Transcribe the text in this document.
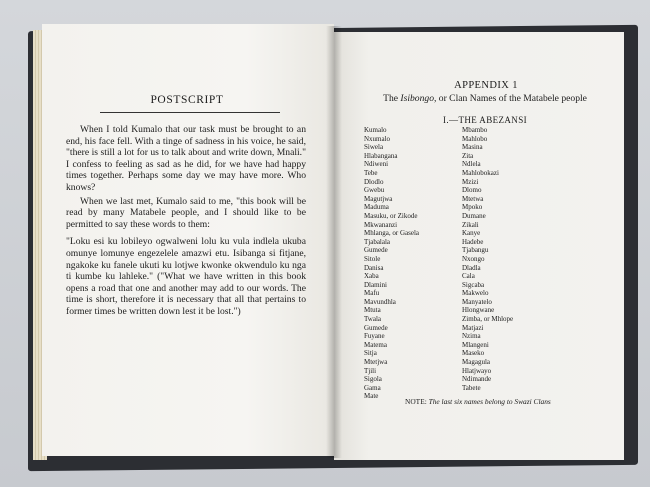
POSTSCRIPT

When I told Kumalo that our task must be brought to an end, his face fell. With a tinge of sadness in his voice, he said, "there is still a lot for us to talk about and write down, Mnali." I confess to feeling as sad as he did, for we have had happy times together. Perhaps some day we may have more. Who knows?

When we last met, Kumalo said to me, "this book will be read by many Matabele people, and I should like to be permitted to say these words to them:

"Loku esi ku lobileyo ogwalweni lolu ku vula indlela ukuba omunye lomunye engezelele amazwi etu. Isibanga si fitjane, ngakoke ku fanele ukuti ku lotjwe kwonke okwendulo ku nga ti kumbe ku lahleke." ("What we have written in this book opens a road that one and another may add to our words. The time is short, therefore it is necessary that all that pertains to former times be written down lest it be lost.")

APPENDIX 1
The Isibongo, or Clan Names of the Matabele people
I.—THE ABEZANSI
Kumalo
Nxumalo
Siwela
Hlabangana
Ndiweni
Tebe
Dlodlo
Gwebu
Magutjwa
Maduma
Masuku, or Zikode
Mkwananzi
Mhlanga, or Gasela
Tjabalala
Gumede
Sitole
Danisa
Xaba
Dlamini
Mafu
Mavundhla
Mtuta
Twala
Gumede
Fuyane
Matema
Sitja
Mtetjwa
Tjili
Sigola
Gama
Mate
Mbambo
Mahlobo
Masina
Zita
Ndlela
Mahlobokazi
Mzizi
Dlomo
Mtetwa
Mpoko
Dumane
Zikali
Kanye
Hadebe
Tjabangu
Nxongo
Dladla
Cala
Sigcaba
Makwelo
Manyatelo
Hlongwane
Zimba, or Mhlope
Matjazi
Nzima
Mlangeni
Maseko
Magagula
Hlatjwayo
Ndimande
Tabete
NOTE: The last six names belong to Swazi Clans
